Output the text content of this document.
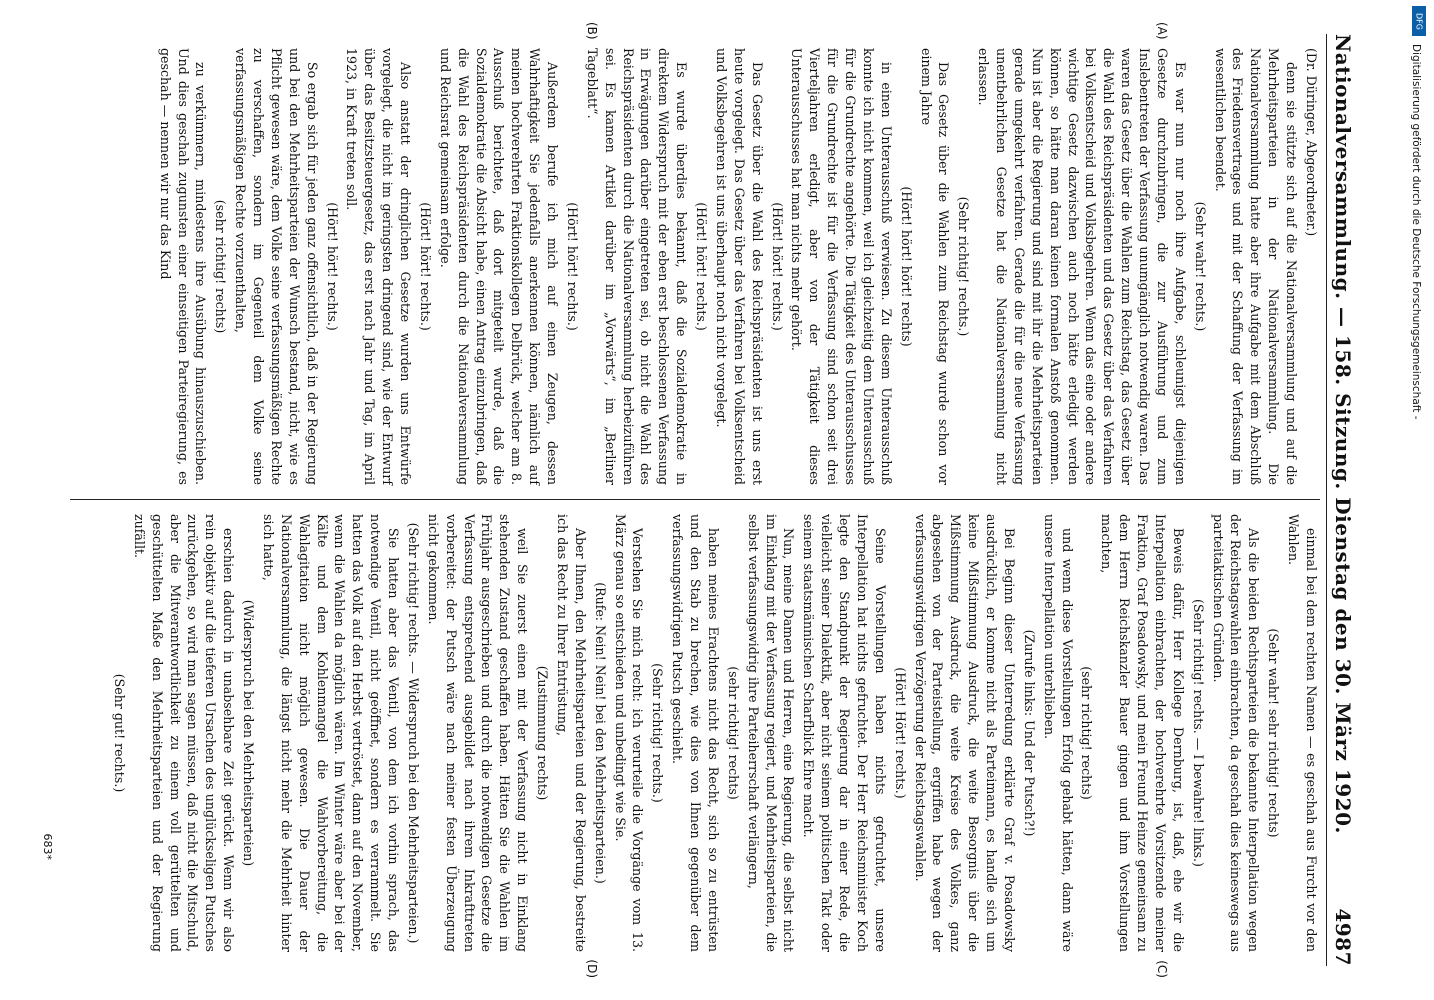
Nationalversammlung. — 158. Sitzung. Dienstag den 30. März 1920.
4987
(A)
(B)

(Dr. Düringer, Abgeordneter.)

denn sie stützte sich auf die Nationalversammlung und auf die Mehrheitsparteien in der Nationalversammlung. Die Nationalversammlung hatte aber ihre Aufgabe mit dem Abschluß des Friedensvertrages und mit der Schaffung der Verfassung im wesentlichen beendet.

(Sehr wahr! rechts.)

Es war nun nur noch ihre Aufgabe, schleunigst diejenigen Gesetze durchzubringen, die zur Ausführung und zum Inslebentreten der Verfassung unumgänglich notwendig waren. Das waren das Gesetz über die Wahlen zum Reichstag, das Gesetz über die Wahl des Reichspräsidenten und das Gesetz über das Verfahren bei Volksentscheid und Volksbegehren. Wenn das eine oder andere wichtige Gesetz dazwischen auch noch hätte erledigt werden können, so hätte man daran keinen formalen Anstoß genommen. Nun ist aber die Regierung und sind mit ihr die Mehrheitsparteien gerade umgekehrt verfahren. Gerade die für die neue Verfassung unentbehrlichen Gesetze hat die Nationalversammlung nicht erlassen.

(Sehr richtig! rechts.)

Das Gesetz über die Wahlen zum Reichstag wurde schon vor einem Jahre

(Hört! hört! hört! rechts)

in einen Unterausschuß verwiesen. Zu diesem Unterausschuß konnte ich nicht kommen, weil ich gleichzeitig dem Unterausschuß für die Grundrechte angehörte. Die Tätigkeit des Unterausschusses für die Grundrechte ist für die Verfassung sind schon seit drei Vierteljahren erledigt, aber von der Tätigkeit dieses Unterausschusses hat man nichts mehr gehört.

(Hört! hört! rechts.)

Das Gesetz über die Wahl des Reichspräsidenten ist uns erst heute vorgelegt. Das Gesetz über das Verfahren bei Volksentscheid und Volksbegehren ist uns überhaupt noch nicht vorgelegt.

(Hört! hört! rechts.)

Es wurde überdies bekannt, daß die Sozialdemokratie in direktem Widerspruch mit der eben erst beschlossenen Verfassung in Erwägungen darüber eingetreten sei, ob nicht die Wahl des Reichspräsidenten durch die Nationalversammlung herbeizuführen sei. Es kamen Artikel darüber im „Vorwärts“, im „Berliner Tageblatt“.

(Hört! hört! rechts.)

Außerdem berufe ich mich auf einen Zeugen, dessen Wahrhaftigkeit Sie jedenfalls anerkennen können, nämlich auf meinen hochverehrten Fraktionskollegen Delbrück, welcher am 8. Ausschuß berichtete, daß dort mitgeteilt wurde, daß die Sozialdemokratie die Absicht habe, einen Antrag einzubringen, daß die Wahl des Reichspräsidenten durch die Nationalversammlung und Reichsrat gemeinsam erfolge.

(Hört! hört! rechts.)

Also anstatt der dringlichen Gesetze wurden uns Entwürfe vorgelegt, die nicht im geringsten dringend sind, wie der Entwurf über das Besitzsteuergesetz, das erst nach Jahr und Tag, im April 1923, in Kraft treten soll.

(Hört! hört! rechts.)

So ergab sich für jeden ganz offensichtlich, daß in der Regierung und bei den Mehrheitsparteien der Wunsch bestand, nicht, wie es Pflicht gewesen wäre, dem Volke seine verfassungsmäßigen Rechte zu verschaffen, sondern im Gegenteil dem Volke seine verfassungsmäßigen Rechte vorzuenthalten,

(sehr richtig! rechts)

zu verkümmern, mindestens ihre Ausübung hinauszuschieben. Und dies geschah zugunsten einer einseitigen Parteiregierung, es geschah — nennen wir nur das Kind

(C)
(D)

einmal bei dem rechten Namen — es geschah aus Furcht vor den Wahlen.

(Sehr wahr! sehr richtig! rechts)

Als die beiden Rechtsparteien die bekannte Interpellation wegen der Reichstagswahlen einbrachten, da geschah dies keineswegs aus parteitaktischen Gründen.

(Sehr richtig! rechts. — I bewahre! links.)

Beweis dafür, Herr Kollege Dernburg, ist, daß, ehe wir die Interpellation einbrachten, der hochverehrte Vorsitzende meiner Fraktion, Graf Posadowsky, und mein Freund Heinze gemeinsam zu dem Herrn Reichskanzler Bauer gingen und ihm Vorstellungen machten,

(sehr richtig! rechts)

und wenn diese Vorstellungen Erfolg gehabt hätten, dann wäre unsere Interpellation unterblieben.

(Zurufe links: Und der Putsch?!)

Bei Beginn dieser Unterredung erklärte Graf v. Posadowsky ausdrücklich, er komme nicht als Parteimann, es handle sich um keine Mißstimmung Ausdruck, die weite Besorgnis über die Mißstimmung Ausdruck, die weite Kreise des Volkes, ganz abgesehen von der Parteistellung, ergriffen habe wegen der verfassungswidrigen Verzögerung der Reichstagswahlen.

(Hört! Hört! rechts.)

Seine Vorstellungen haben nichts gefruchtet, unsere Interpellation hat nichts gefruchtet. Der Herr Reichsminister Koch legte den Standpunkt der Regierung dar in einer Rede, die vielleicht seiner Dialektik, aber nicht seinem politischen Takt oder seinem staatsmännischen Scharfblick Ehre macht.

Nun, meine Damen und Herren, eine Regierung, die selbst nicht im Einklang mit der Verfassung regiert, und Mehrheitsparteien, die selbst verfassungswidrig ihre Parteiherrschaft verlängern,

(sehr richtig! rechts)

haben meines Erachtens nicht das Recht, sich so zu entrüsten und den Stab zu brechen, wie dies von Ihnen gegenüber dem verfassungswidrigen Putsch geschieht.

(Sehr richtig! rechts.)

Verstehen Sie mich recht: ich verurteile die Vorgänge vom 13. März genau so entschieden und unbedingt wie Sie.

(Rufe: Nein! Nein! bei den Mehrheitsparteien.)

Aber Ihnen, den Mehrheitsparteien und der Regierung, bestreite ich das Recht zu Ihrer Entrüstung,

(Zustimmung rechts)

weil Sie zuerst einen mit der Verfassung nicht in Einklang stehenden Zustand geschaffen haben. Hätten Sie die Wahlen im Frühjahr ausgeschrieben und durch die notwendigen Gesetze die Verfassung entsprechend ausgebildet nach ihrem Inkrafttreten vorbereitet: der Putsch wäre nach meiner festen Überzeugung nicht gekommen.

(Sehr richtig! rechts. — Widerspruch bei den Mehrheitsparteien.)

Sie hatten aber das Ventil, von dem ich vorhin sprach, das notwendige Ventil, nicht geöffnet, sondern es verrammelt. Sie hatten das Volk auf den Herbst vertröstet, dann auf den November, wenn die Wahlen da möglich wären. Im Winter wäre aber bei der Kälte und dem Kohlenmangel die Wahlvorbereitung, die Wahlagitation nicht möglich gewesen. Die Dauer der Nationalversammlung, die längst nicht mehr die Mehrheit hinter sich hatte,

(Widerspruch bei den Mehrheitsparteien)

erschien dadurch in unabsehbare Zeit gerückt. Wenn wir also rein objektiv auf die tieferen Ursachen des unglückseligen Putsches zurückgehen, so wird man sagen müssen, daß nicht die Mitschuld, aber die Mitverantwortlichkeit zu einem voll gerüttelten und geschüttelten Maße den Mehrheitsparteien und der Regierung zufällt.

(Sehr gut! rechts.)

683*
DFG
Digitalisierung gefördert durch die Deutsche Forschungsgemeinschaft -
